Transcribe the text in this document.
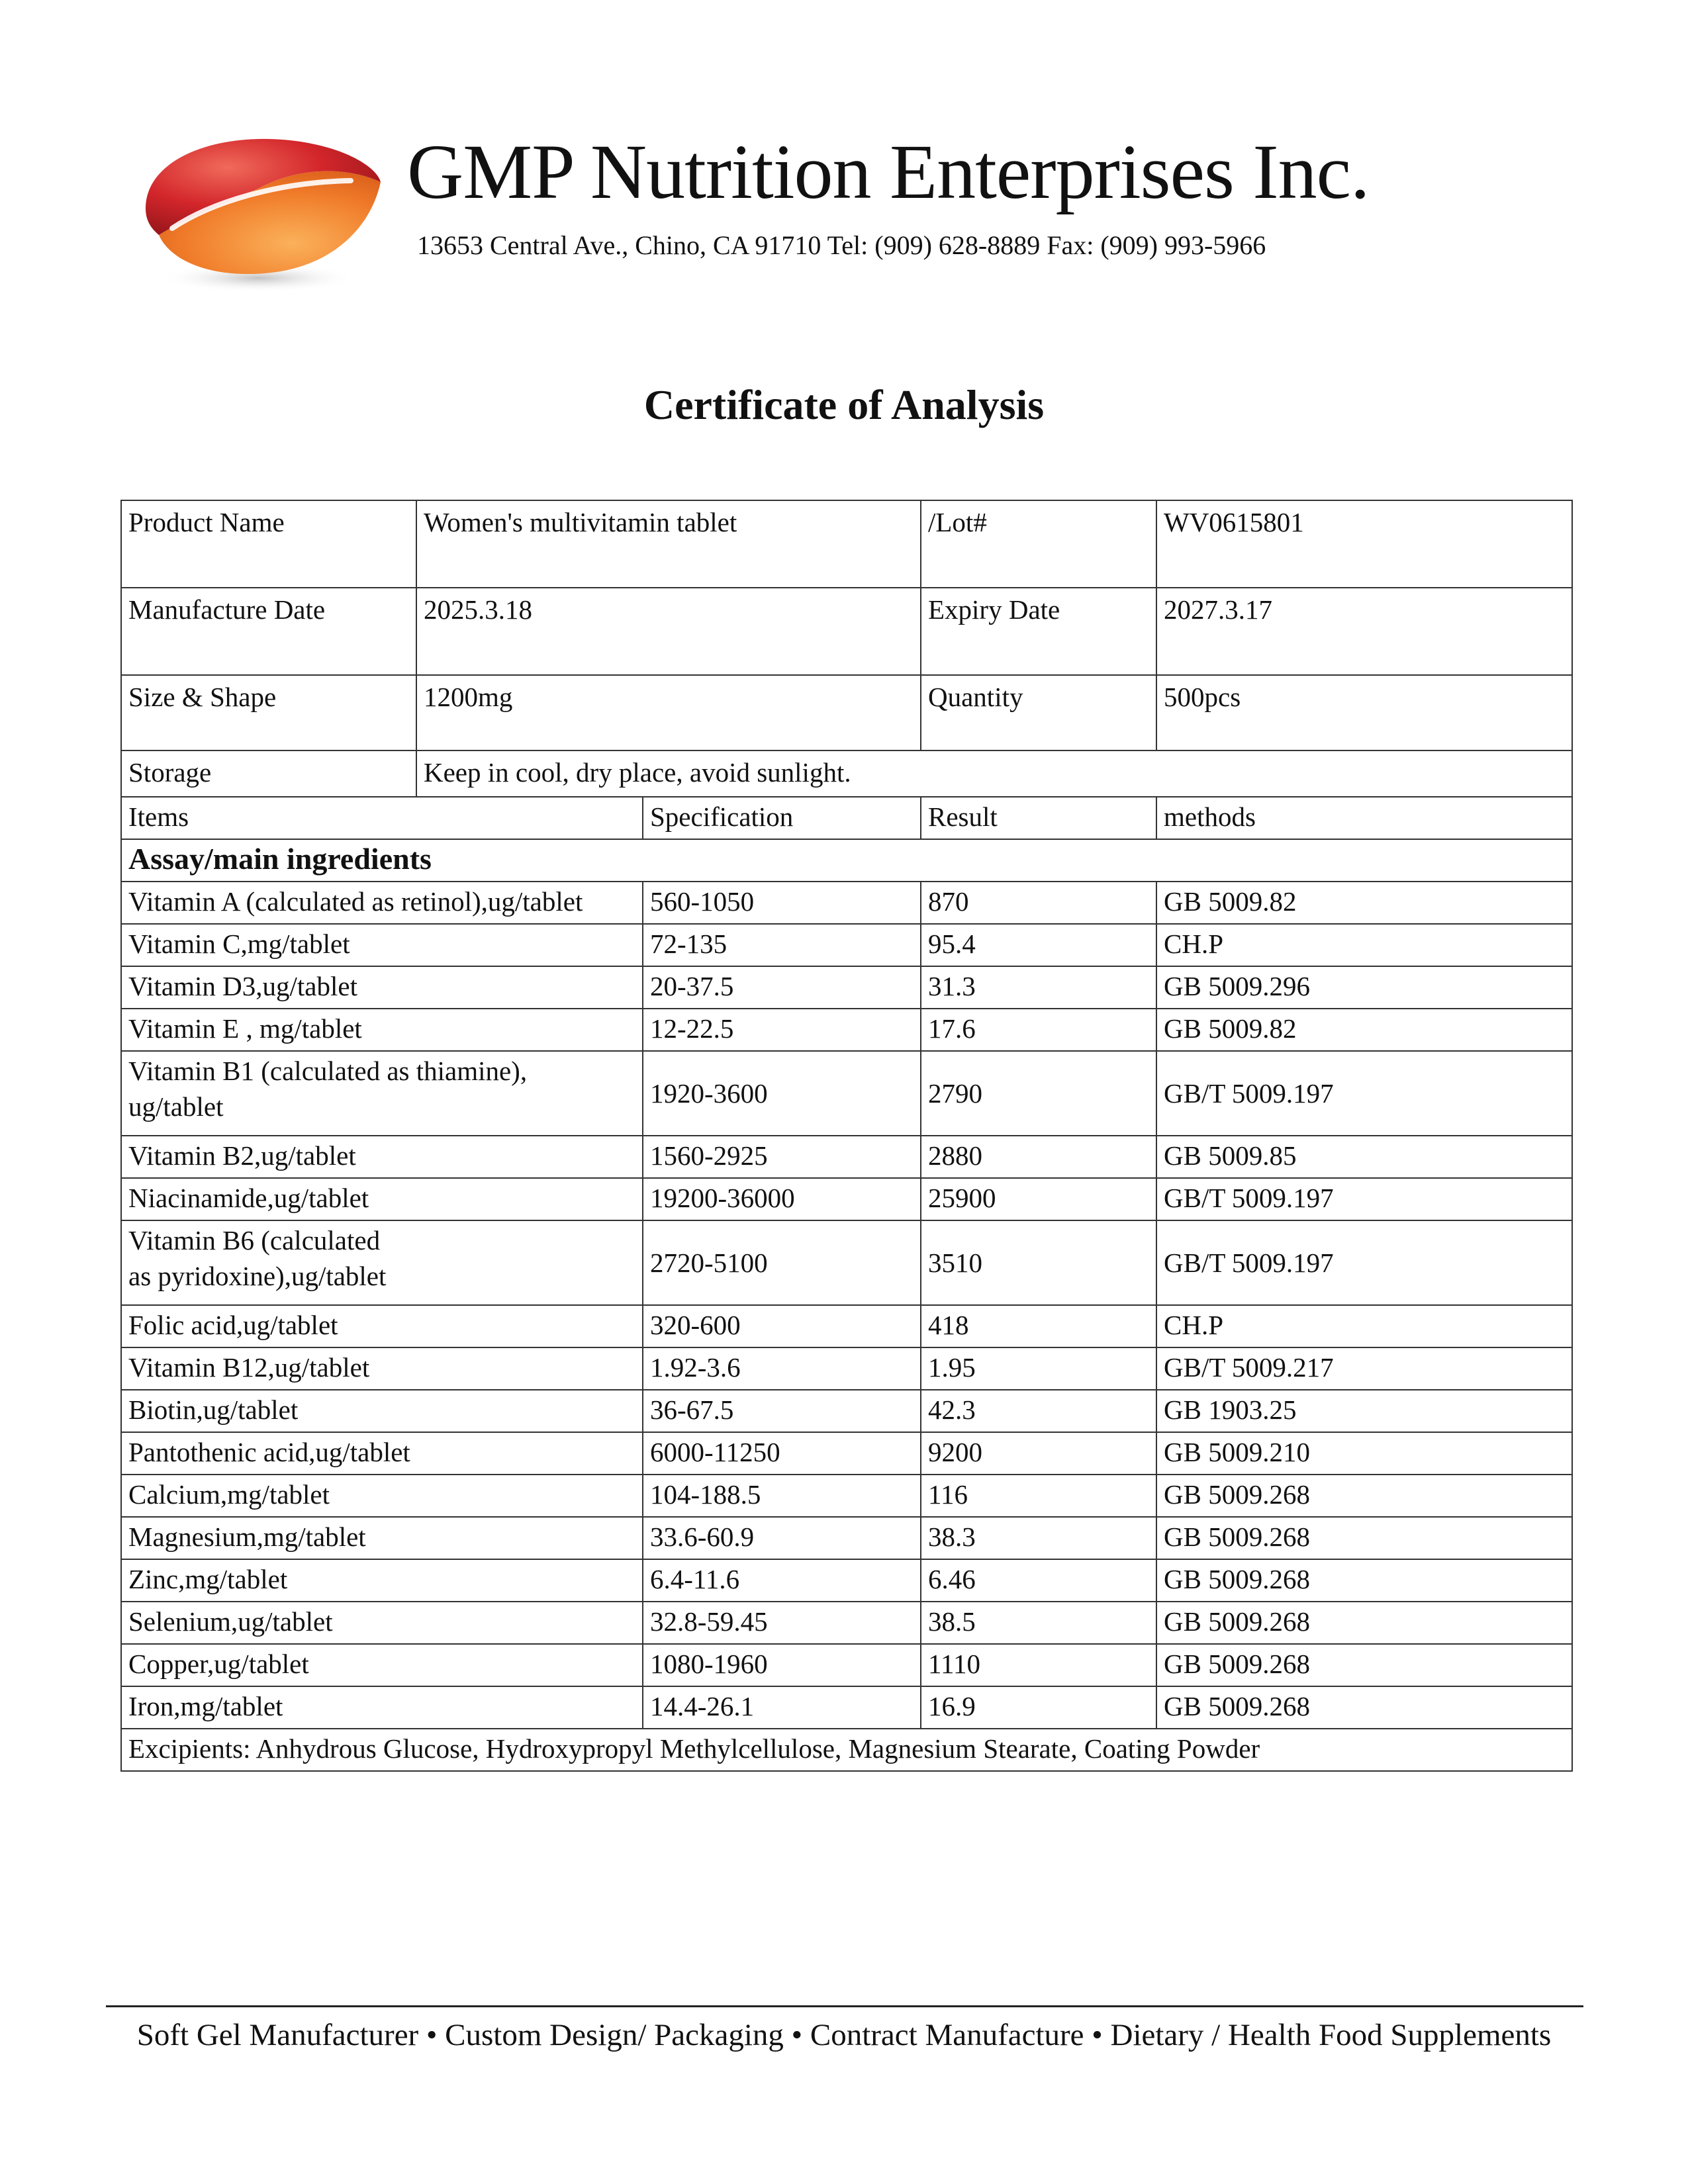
GMP Nutrition Enterprises Inc.
13653 Central Ave., Chino, CA 91710 Tel: (909) 628-8889 Fax: (909) 993-5966
Certificate of Analysis
Product Name	Women's multivitamin tablet		/Lot#	WV0615801
Manufacture Date	2025.3.18		Expiry Date	2027.3.17
Size & Shape	1200mg		Quantity	500pcs
Storage	Keep in cool, dry place, avoid sunlight.			
Items		Specification	Result	methods
Assay/main ingredients				
Vitamin A (calculated as retinol),ug/tablet		560-1050	870	GB 5009.82
Vitamin C,mg/tablet		72-135	95.4	CH.P
Vitamin D3,ug/tablet		20-37.5	31.3	GB 5009.296
Vitamin E , mg/tablet		12-22.5	17.6	GB 5009.82
Vitamin B1 (calculated as thiamine),
ug/tablet		1920-3600	2790	GB/T 5009.197
Vitamin B2,ug/tablet		1560-2925	2880	GB 5009.85
Niacinamide,ug/tablet		19200-36000	25900	GB/T 5009.197
Vitamin B6 (calculated
as pyridoxine),ug/tablet		2720-5100	3510	GB/T 5009.197
Folic acid,ug/tablet		320-600	418	CH.P
Vitamin B12,ug/tablet		1.92-3.6	1.95	GB/T 5009.217
Biotin,ug/tablet		36-67.5	42.3	GB 1903.25
Pantothenic acid,ug/tablet		6000-11250	9200	GB 5009.210
Calcium,mg/tablet		104-188.5	116	GB 5009.268
Magnesium,mg/tablet		33.6-60.9	38.3	GB 5009.268
Zinc,mg/tablet		6.4-11.6	6.46	GB 5009.268
Selenium,ug/tablet		32.8-59.45	38.5	GB 5009.268
Copper,ug/tablet		1080-1960	1110	GB 5009.268
Iron,mg/tablet		14.4-26.1	16.9	GB 5009.268
Excipients: Anhydrous Glucose, Hydroxypropyl Methylcellulose, Magnesium Stearate, Coating Powder				
Soft Gel Manufacturer • Custom Design/ Packaging • Contract Manufacture • Dietary / Health Food Supplements
